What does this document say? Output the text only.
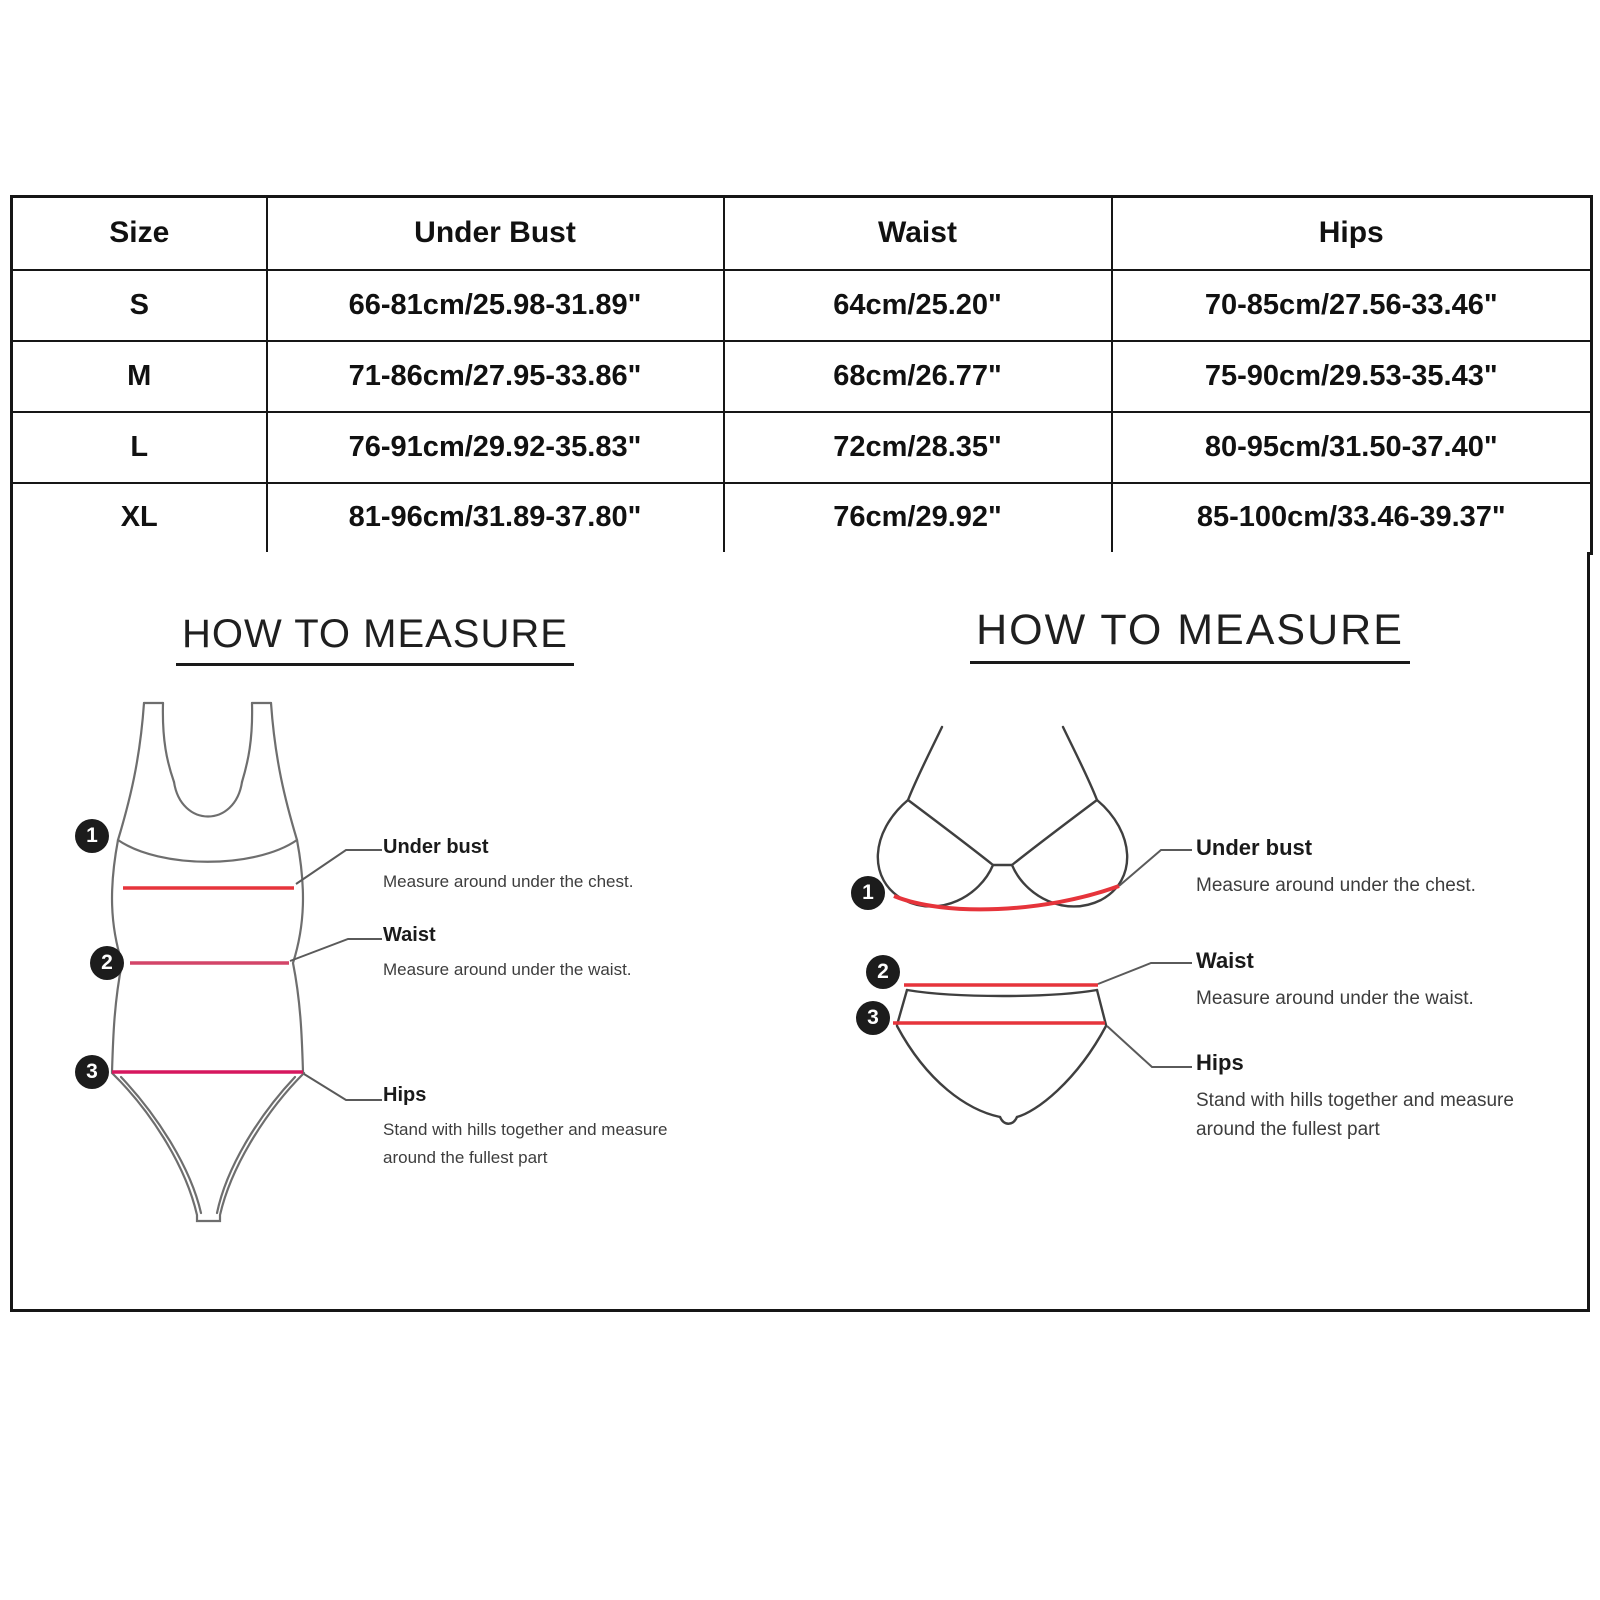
Size	Under Bust	Waist	Hips
S	66-81cm/25.98-31.89"	64cm/25.20"	70-85cm/27.56-33.46"
M	71-86cm/27.95-33.86"	68cm/26.77"	75-90cm/29.53-35.43"
L	76-91cm/29.92-35.83"	72cm/28.35"	80-95cm/31.50-37.40"
XL	81-96cm/31.89-37.80"	76cm/29.92"	85-100cm/33.46-39.37"
HOW TO MEASURE	HOW TO MEASURE
1
2
3
1
2
3
Under bust
Measure around under the chest.
Waist
Measure around under the waist.
Hips
Stand with hills together and measure
around the fullest part
Under bust
Measure around under the chest.
Waist
Measure around under the waist.
Hips
Stand with hills together and measure
around the fullest part
